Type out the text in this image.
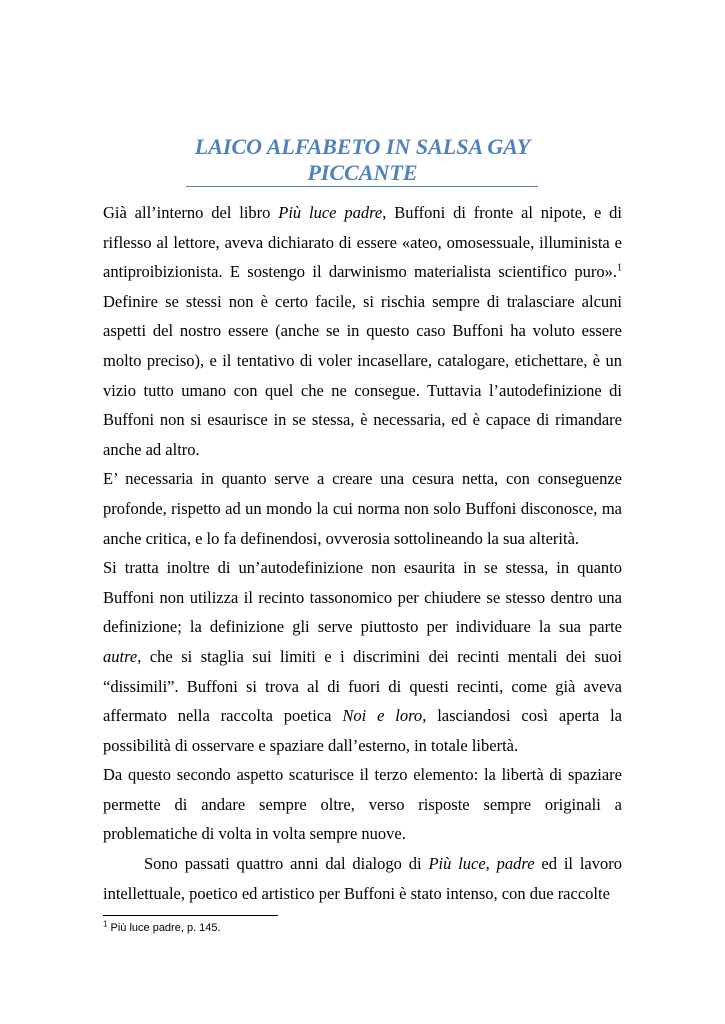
LAICO ALFABETO IN SALSA GAY
PICCANTE

Già all’interno del libro Più luce padre, Buffoni di fronte al nipote, e di riflesso al lettore, aveva dichiarato di essere «ateo, omosessuale, illuminista e antiproibizionista. E sostengo il darwinismo materialista scientifico puro».$^1$ Definire se stessi non è certo facile, si rischia sempre di tralasciare alcuni aspetti del nostro essere (anche se in questo caso Buffoni ha voluto essere molto preciso), e il tentativo di voler incasellare, catalogare, etichettare, è un vizio tutto umano con quel che ne consegue. Tuttavia l’autodefinizione di Buffoni non si esaurisce in se stessa, è necessaria, ed è capace di rimandare anche ad altro.

E’ necessaria in quanto serve a creare una cesura netta, con conseguenze profonde, rispetto ad un mondo la cui norma non solo Buffoni disconosce, ma anche critica, e lo fa definendosi, ovverosia sottolineando la sua alterità.

Si tratta inoltre di un’autodefinizione non esaurita in se stessa, in quanto Buffoni non utilizza il recinto tassonomico per chiudere se stesso dentro una definizione; la definizione gli serve piuttosto per individuare la sua parte autre, che si staglia sui limiti e i discrimini dei recinti mentali dei suoi “dissimili”. Buffoni si trova al di fuori di questi recinti, come già aveva affermato nella raccolta poetica Noi e loro, lasciandosi così aperta la possibilità di osservare e spaziare dall’esterno, in totale libertà.

Da questo secondo aspetto scaturisce il terzo elemento: la libertà di spaziare permette di andare sempre oltre, verso risposte sempre originali a problematiche di volta in volta sempre nuove.

Sono passati quattro anni dal dialogo di Più luce, padre ed il lavoro intellettuale, poetico ed artistico per Buffoni è stato intenso, con due raccolte

$^1$ Più luce padre, p. 145.
